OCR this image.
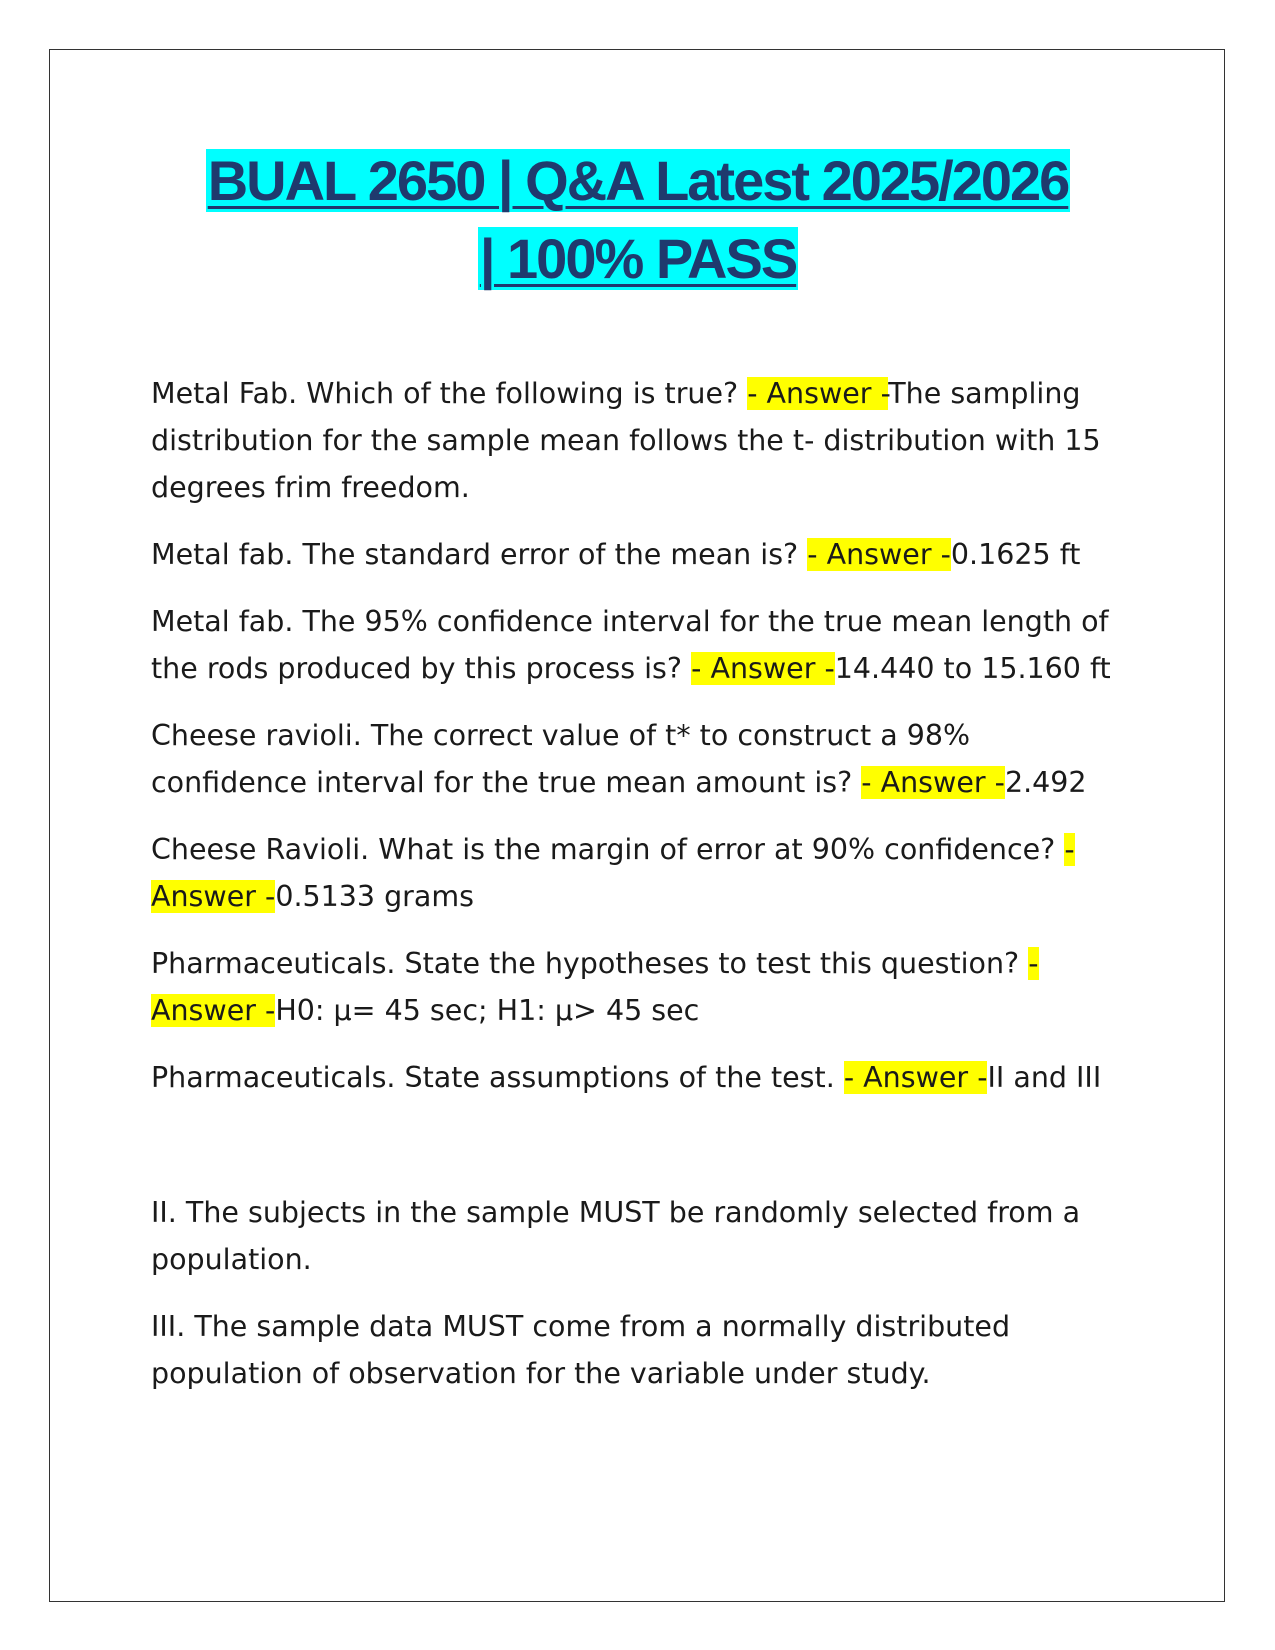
BUAL 2650 | Q&A Latest 2025/2026
| 100% PASS

Metal Fab. Which of the following is true? - Answer -The sampling distribution for the sample mean follows the t- distribution with 15 degrees frim freedom.

Metal fab. The standard error of the mean is? - Answer -0.1625 ft

Metal fab. The 95% confidence interval for the true mean length of the rods produced by this process is? - Answer -14.440 to 15.160 ft

Cheese ravioli. The correct value of t* to construct a 98% confidence interval for the true mean amount is? - Answer -2.492

Cheese Ravioli. What is the margin of error at 90% confidence? - Answer -0.5133 grams

Pharmaceuticals. State the hypotheses to test this question? - Answer -H0: µ= 45 sec; H1: µ> 45 sec

Pharmaceuticals. State assumptions of the test. - Answer -II and III

II. The subjects in the sample MUST be randomly selected from a population.

III. The sample data MUST come from a normally distributed population of observation for the variable under study.
